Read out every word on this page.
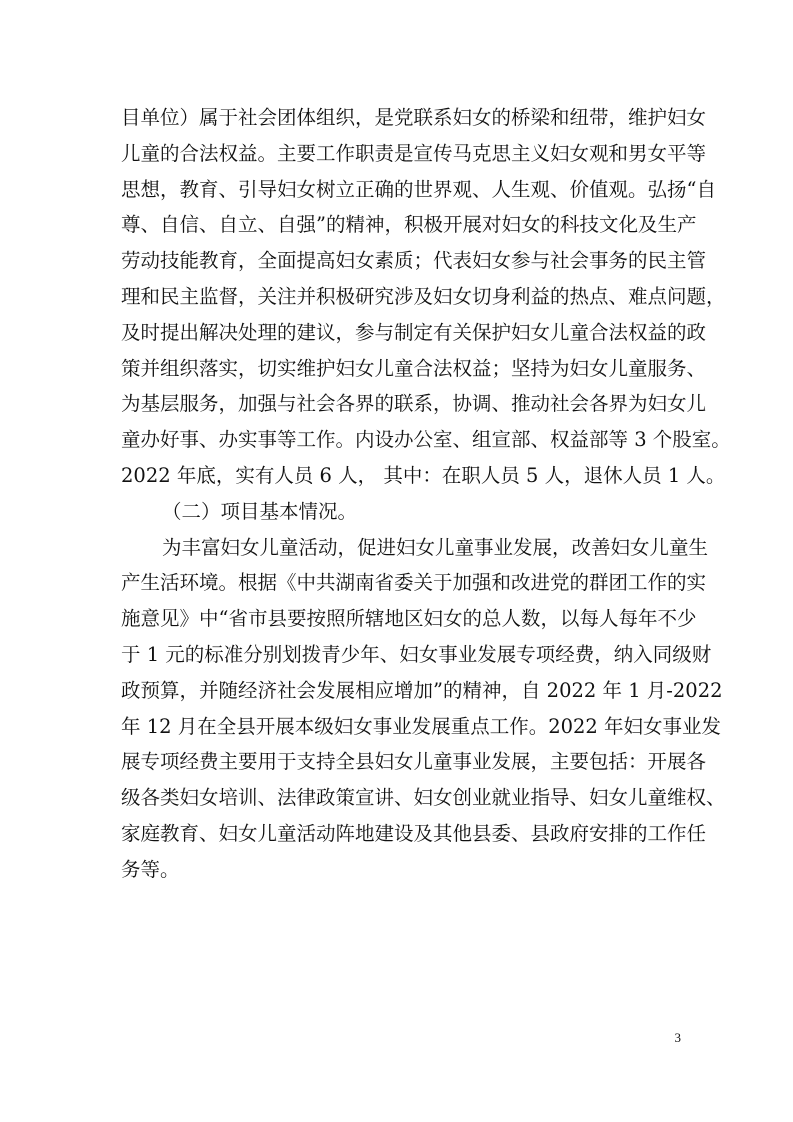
目单位）属于社会团体组织，是党联系妇女的桥梁和纽带，维护妇女
儿童的合法权益。主要工作职责是宣传马克思主义妇女观和男女平等
思想，教育、引导妇女树立正确的世界观、人生观、价值观。弘扬“自
尊、自信、自立、自强”的精神，积极开展对妇女的科技文化及生产
劳动技能教育，全面提高妇女素质；代表妇女参与社会事务的民主管
理和民主监督，关注并积极研究涉及妇女切身利益的热点、难点问题，
及时提出解决处理的建议，参与制定有关保护妇女儿童合法权益的政
策并组织落实，切实维护妇女儿童合法权益；坚持为妇女儿童服务、
为基层服务，加强与社会各界的联系，协调、推动社会各界为妇女儿
童办好事、办实事等工作。内设办公室、组宣部、权益部等 3 个股室。
2022 年底，实有人员 6 人， 其中：在职人员 5 人，退休人员 1 人。
（二）项目基本情况。
为丰富妇女儿童活动，促进妇女儿童事业发展，改善妇女儿童生
产生活环境。根据《中共湖南省委关于加强和改进党的群团工作的实
施意见》中“省市县要按照所辖地区妇女的总人数，以每人每年不少
于 1 元的标准分别划拨青少年、妇女事业发展专项经费，纳入同级财
政预算，并随经济社会发展相应增加”的精神，自 2022 年 1 月-2022
年 12 月在全县开展本级妇女事业发展重点工作。2022 年妇女事业发
展专项经费主要用于支持全县妇女儿童事业发展，主要包括：开展各
级各类妇女培训、法律政策宣讲、妇女创业就业指导、妇女儿童维权、
家庭教育、妇女儿童活动阵地建设及其他县委、县政府安排的工作任
务等。
3
